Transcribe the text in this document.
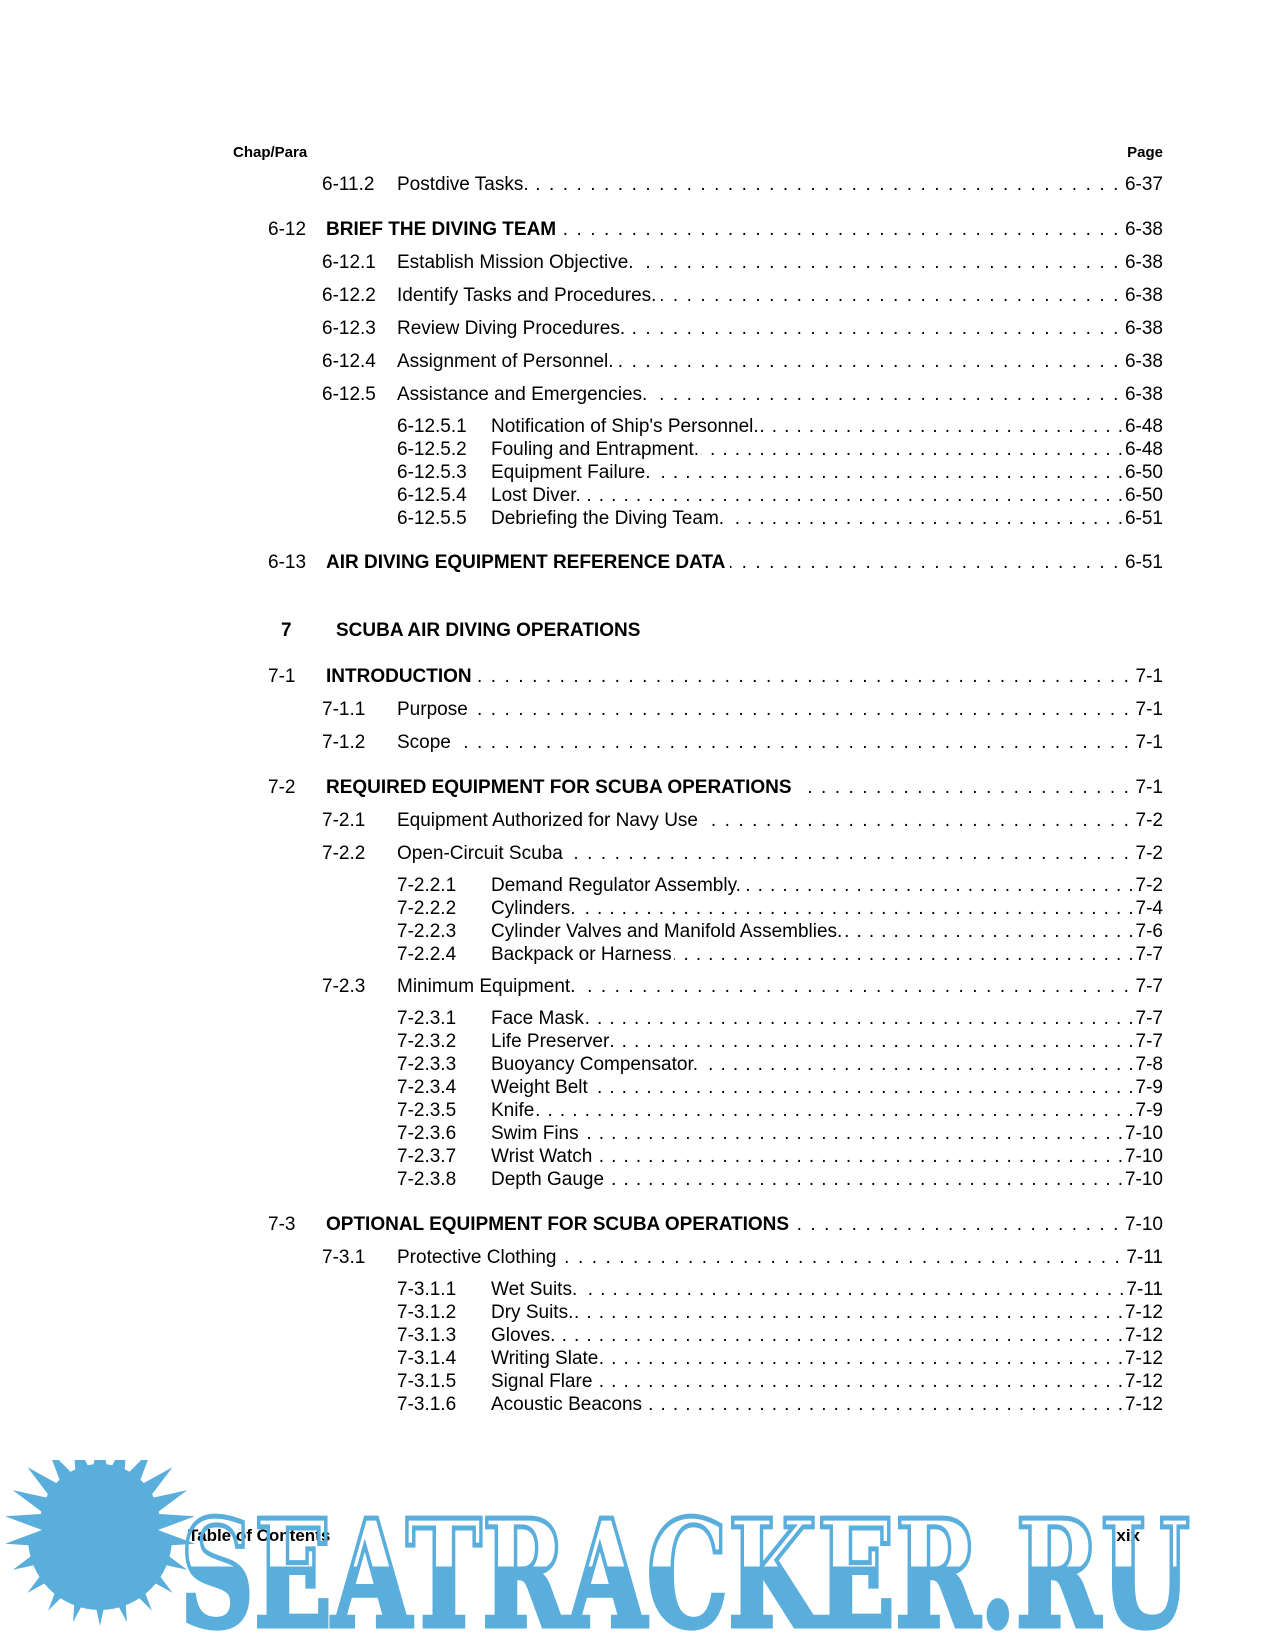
Chap/Para	Page
6-11.2	Postdive Tasks. . . .	6-37
6-12	BRIEF THE DIVING TEAM . . .	6-38
6-12.1	Establish Mission Objective. . . .	6-38
6-12.2	Identify Tasks and Procedures. . . .	6-38
6-12.3	Review Diving Procedures. . . .	6-38
6-12.4	Assignment of Personnel. . . .	6-38
6-12.5	Assistance and Emergencies. . . .	6-38
6-12.5.1	Notification of Ship's Personnel. . . .	6-48
6-12.5.2	Fouling and Entrapment. . . .	6-48
6-12.5.3	Equipment Failure. . . .	6-50
6-12.5.4	Lost Diver. . . .	6-50
6-12.5.5	Debriefing the Diving Team. . . .	6-51
6-13	AIR DIVING EQUIPMENT REFERENCE DATA . . .	6-51
7 SCUBA AIR DIVING OPERATIONS
7-1	INTRODUCTION . . .	7-1
7-1.1	Purpose . . .	7-1
7-1.2	Scope . . .	7-1
7-2	REQUIRED EQUIPMENT FOR SCUBA OPERATIONS . . .	7-1
7-2.1	Equipment Authorized for Navy Use . . .	7-2
7-2.2	Open-Circuit Scuba . . .	7-2
7-2.2.1	Demand Regulator Assembly. . . .	7-2
7-2.2.2	Cylinders. . . .	7-4
7-2.2.3	Cylinder Valves and Manifold Assemblies. . . .	7-6
7-2.2.4	Backpack or Harness . . .	7-7
7-2.3	Minimum Equipment. . . .	7-7
7-2.3.1	Face Mask . . .	7-7
7-2.3.2	Life Preserver . . .	7-7
7-2.3.3	Buoyancy Compensator. . . .	7-8
7-2.3.4	Weight Belt . . .	7-9
7-2.3.5	Knife . . .	7-9
7-2.3.6	Swim Fins . . .	7-10
7-2.3.7	Wrist Watch . . .	7-10
7-2.3.8	Depth Gauge . . .	7-10
7-3	OPTIONAL EQUIPMENT FOR SCUBA OPERATIONS . . .	7-10
7-3.1	Protective Clothing . . .	7-11
7-3.1.1	Wet Suits. . . .	7-11
7-3.1.2	Dry Suits. . . .	7-12
7-3.1.3	Gloves. . . .	7-12
7-3.1.4	Writing Slate . . .	7-12
7-3.1.5	Signal Flare . . .	7-12
7-3.1.6	Acoustic Beacons . . .	7-12
Table of Contents	xix
SEATRACKER.RU
